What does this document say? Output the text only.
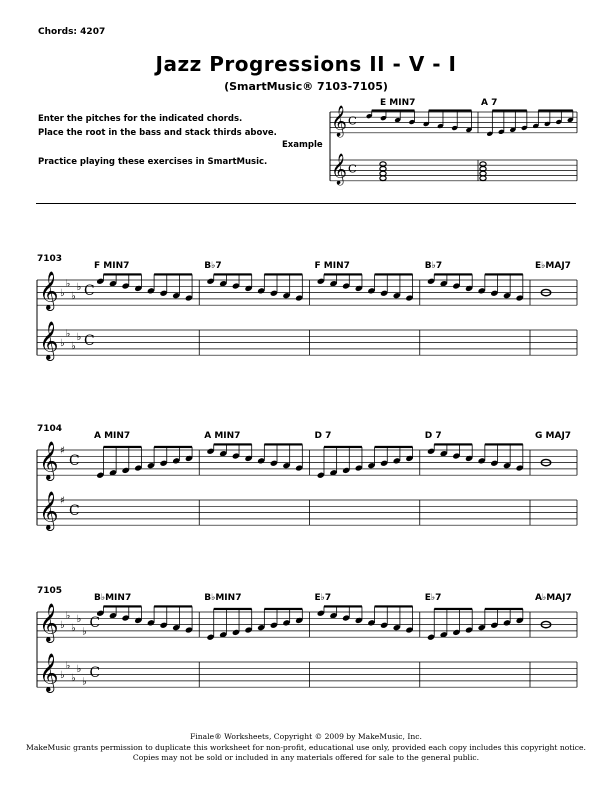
Chords: 4207
Jazz Progressions II - V - I
(SmartMusic® 7103-7105)
Enter the pitches for the indicated chords.
Place the root in the bass and stack thirds above.
Practice playing these exercises in SmartMusic.
Example
𝄞
𝄞
C
C
E MIN7	A 7
7103
𝄞
𝄞
♭
♭
♭
♭
♭
♭
♭
♭
C
C
F MIN7	B♭7	F MIN7	B♭7	E♭MAJ7
7104
𝄞
𝄞
♯
♯
C
C
A MIN7	A MIN7	D 7	D 7	G MAJ7
7105
𝄞
𝄞
♭
♭
♭
♭
♭
♭
♭
♭
♭
♭
C
C
B♭MIN7	B♭MIN7	E♭7	E♭7	A♭MAJ7
Finale® Worksheets, Copyright © 2009 by MakeMusic, Inc.
MakeMusic grants permission to duplicate this worksheet for non-profit, educational use only, provided each copy includes this copyright notice.
Copies may not be sold or included in any materials offered for sale to the general public.
